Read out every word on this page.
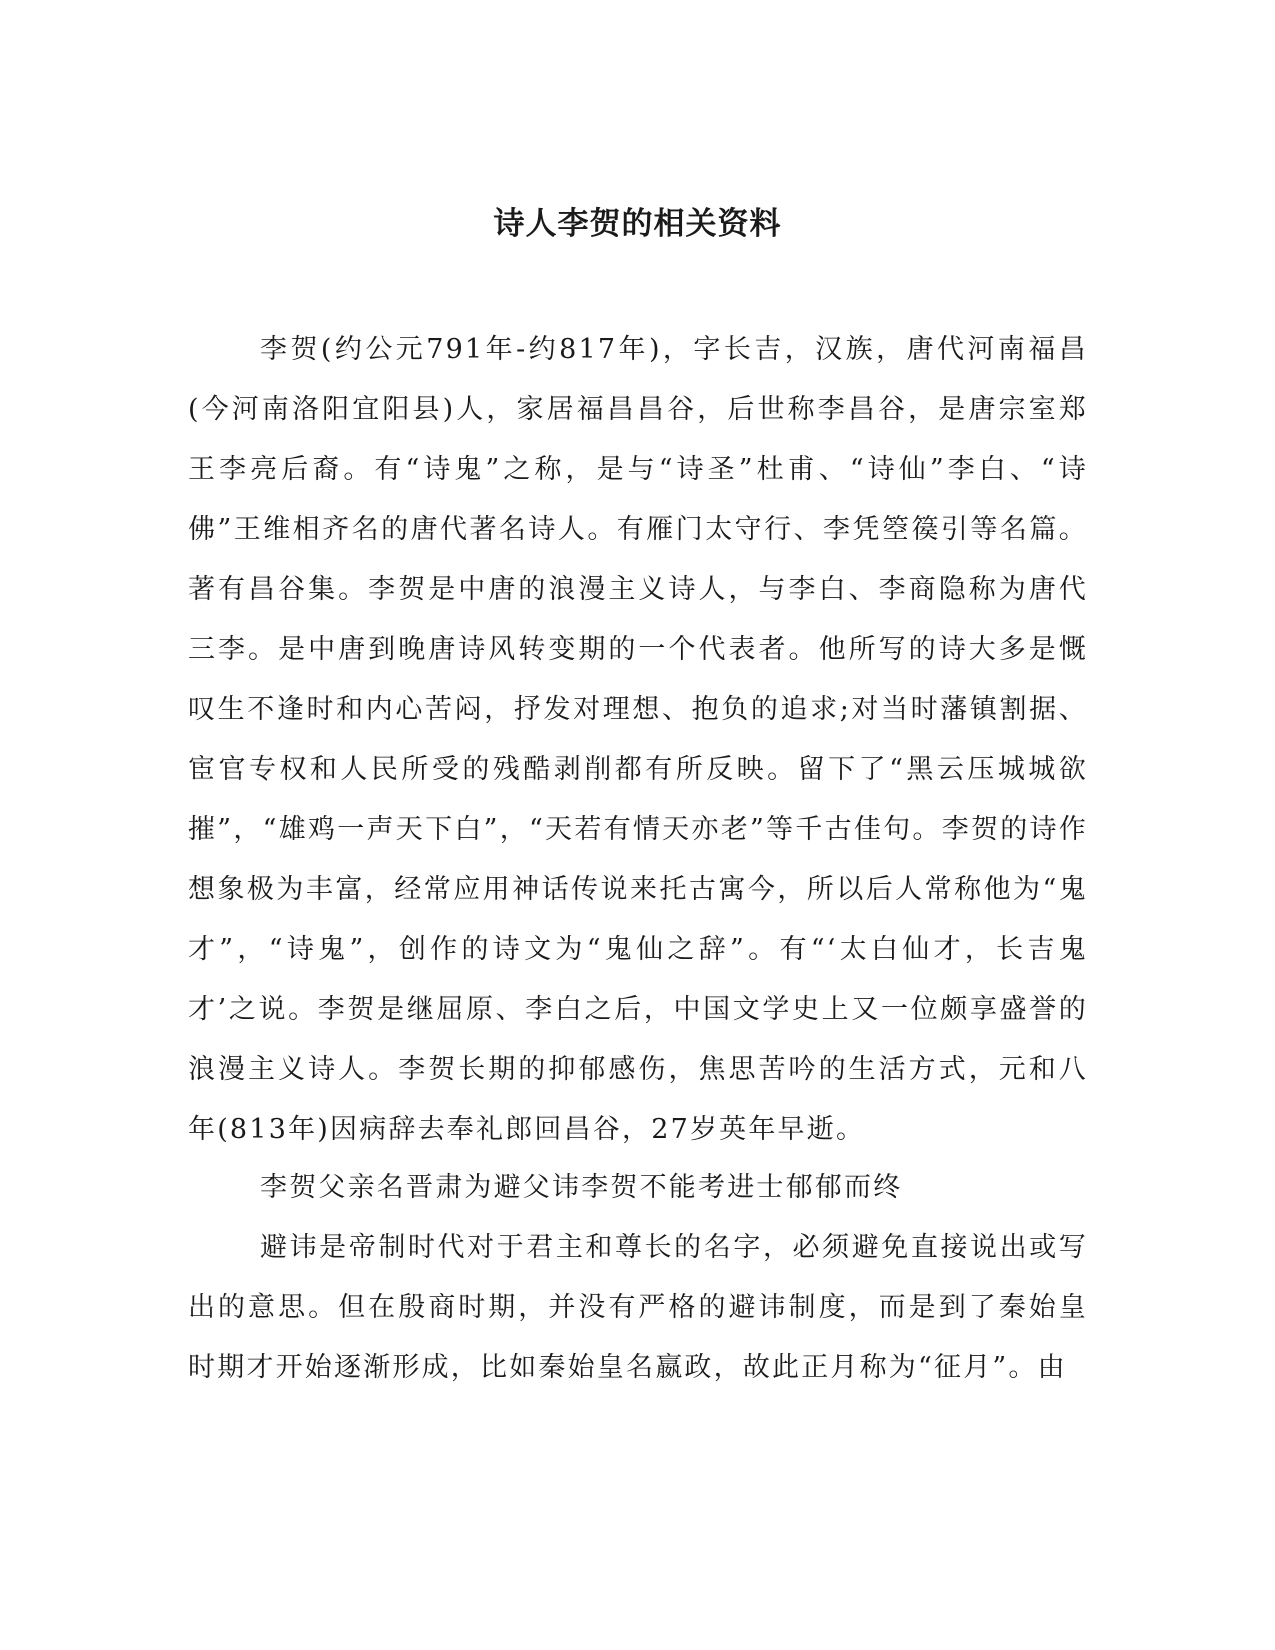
诗人李贺的相关资料

李贺(约公元791年-约817年)，字长吉，汉族，唐代河南福昌(今河南洛阳宜阳县)人，家居福昌昌谷，后世称李昌谷，是唐宗室郑王李亮后裔。有“诗鬼”之称，是与“诗圣”杜甫、“诗仙”李白、“诗佛”王维相齐名的唐代著名诗人。有雁门太守行、李凭箜篌引等名篇。著有昌谷集。李贺是中唐的浪漫主义诗人，与李白、李商隐称为唐代三李。是中唐到晚唐诗风转变期的一个代表者。他所写的诗大多是慨叹生不逢时和内心苦闷，抒发对理想、抱负的追求;对当时藩镇割据、宦官专权和人民所受的残酷剥削都有所反映。留下了“黑云压城城欲摧”，“雄鸡一声天下白”，“天若有情天亦老”等千古佳句。李贺的诗作想象极为丰富，经常应用神话传说来托古寓今，所以后人常称他为“鬼才”，“诗鬼”，创作的诗文为“鬼仙之辞”。有“‘太白仙才，长吉鬼才’之说。李贺是继屈原、李白之后，中国文学史上又一位颇享盛誉的浪漫主义诗人。李贺长期的抑郁感伤，焦思苦吟的生活方式，元和八年(813年)因病辞去奉礼郎回昌谷，27岁英年早逝。

李贺父亲名晋肃为避父讳李贺不能考进士郁郁而终

避讳是帝制时代对于君主和尊长的名字，必须避免直接说出或写出的意思。但在殷商时期，并没有严格的避讳制度，而是到了秦始皇时期才开始逐渐形成，比如秦始皇名嬴政，故此正月称为“征月”。由
